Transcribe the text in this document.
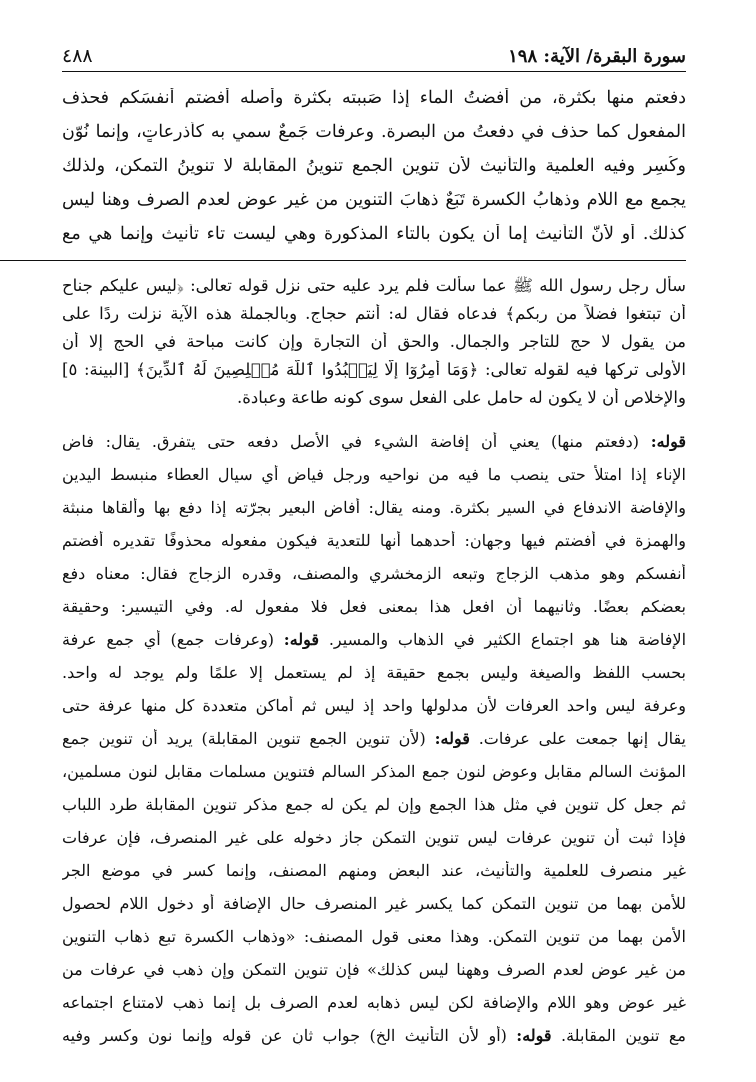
سورة البقرة/ الآية: ١٩٨
٤٨٨
دفعتم منها بكثرة، من أفضتُ الماء إذا صَببته بكثرة وأصله أفضتم أنفسَكم فحذف
المفعول كما حذف في دفعتُ من البصرة. وعرفات جَمعٌ سمي به كأذرِعاتٍ، وإنما نُوّن
وكُسِر وفيه العلمية والتأنيث لأن تنوين الجمع تنوينُ المقابلة لا تنوينُ التمكن، ولذلك
يجمع مع اللام وذهابُ الكسرة تَبَعٌ ذهابَ التنوين من غير عوض لعدم الصرف وهنا ليس
كذلك. أو لأنّ التأنيث إما أن يكون بالتاء المذكورة وهي ليست تاء تأنيث وإنما هي مع
سأل رجل رسول الله ﷺ عما سألت فلم يرد عليه حتى نزل قوله تعالى: ﴿ليس عليكم جناح
أن تبتغوا فضلاً من ربكم﴾ فدعاه فقال له: أنتم حجاج. وبالجملة هذه الآية نزلت ردًا على
من يقول لا حج للتاجر والجمال. والحق أن التجارة وإن كانت مباحة في الحج إلا أن
الأولى تركها فيه لقوله تعالى: ﴿وَمَا أُمِرُوٓا إِلَّا لِيَعۡبُدُوا ٱللَّهَ مُخۡلِصِينَ لَهُ ٱلدِّينَ﴾ [البينة: ٥]
والإخلاص أن لا يكون له حامل على الفعل سوى كونه طاعة وعبادة.
قوله: (دفعتم منها) يعني أن إفاضة الشيء في الأصل دفعه حتى يتفرق. يقال: فاض
الإناء إذا امتلأ حتى ينصب ما فيه من نواحيه ورجل فياض أي سيال العطاء منبسط اليدين
والإفاضة الاندفاع في السير بكثرة. ومنه يقال: أفاض البعير بجرّته إذا دفع بها وألقاها منبثة
والهمزة في أفضتم فيها وجهان: أحدهما أنها للتعدية فيكون مفعوله محذوفًا تقديره أفضتم
أنفسكم وهو مذهب الزجاج وتبعه الزمخشري والمصنف، وقدره الزجاج فقال: معناه دفع
بعضكم بعضًا. وثانيهما أن افعل هذا بمعنى فعل فلا مفعول له. وفي التيسير: وحقيقة
الإفاضة هنا هو اجتماع الكثير في الذهاب والمسير. قوله: (وعرفات جمع) أي جمع عرفة
بحسب اللفظ والصيغة وليس بجمع حقيقة إذ لم يستعمل إلا علمًا ولم يوجد له واحد.
وعرفة ليس واحد العرفات لأن مدلولها واحد إذ ليس ثم أماكن متعددة كل منها عرفة حتى
يقال إنها جمعت على عرفات. قوله: (لأن تنوين الجمع تنوين المقابلة) يريد أن تنوين جمع
المؤنث السالم مقابل وعوض لنون جمع المذكر السالم فتنوين مسلمات مقابل لنون مسلمين،
ثم جعل كل تنوين في مثل هذا الجمع وإن لم يكن له جمع مذكر تنوين المقابلة طرد اللباب
فإذا ثبت أن تنوين عرفات ليس تنوين التمكن جاز دخوله على غير المنصرف، فإن عرفات
غير منصرف للعلمية والتأنيث، عند البعض ومنهم المصنف، وإنما كسر في موضع الجر
للأمن بهما من تنوين التمكن كما يكسر غير المنصرف حال الإضافة أو دخول اللام لحصول
الأمن بهما من تنوين التمكن. وهذا معنى قول المصنف: «وذهاب الكسرة تبع ذهاب التنوين
من غير عوض لعدم الصرف وههنا ليس كذلك» فإن تنوين التمكن وإن ذهب في عرفات من
غير عوض وهو اللام والإضافة لكن ليس ذهابه لعدم الصرف بل إنما ذهب لامتناع اجتماعه
مع تنوين المقابلة. قوله: (أو لأن التأنيث الخ) جواب ثانٍ عن قوله وإنما نون وكسر وفيه
